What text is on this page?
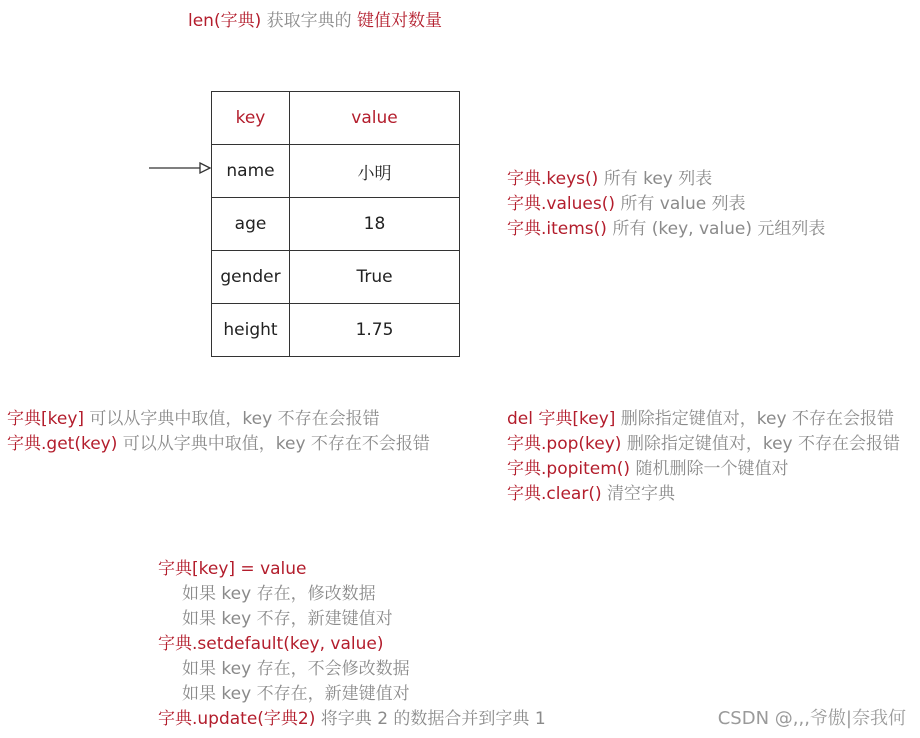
len(字典) 获取字典的 键值对数量
key	value
name	小明
age	18
gender	True
height	1.75
字典.keys() 所有 key 列表
字典.values() 所有 value 列表
字典.items() 所有 (key, value) 元组列表
字典[key] 可以从字典中取值，key 不存在会报错
字典.get(key) 可以从字典中取值，key 不存在不会报错
del 字典[key] 删除指定键值对，key 不存在会报错
字典.pop(key) 删除指定键值对，key 不存在会报错
字典.popitem() 随机删除一个键值对
字典.clear() 清空字典
字典[key] = value
如果 key 存在，修改数据
如果 key 不存，新建键值对
字典.setdefault(key, value)
如果 key 存在，不会修改数据
如果 key 不存在，新建键值对
字典.update(字典2) 将字典 2 的数据合并到字典 1	CSDN @,,,爷傲|奈我何
